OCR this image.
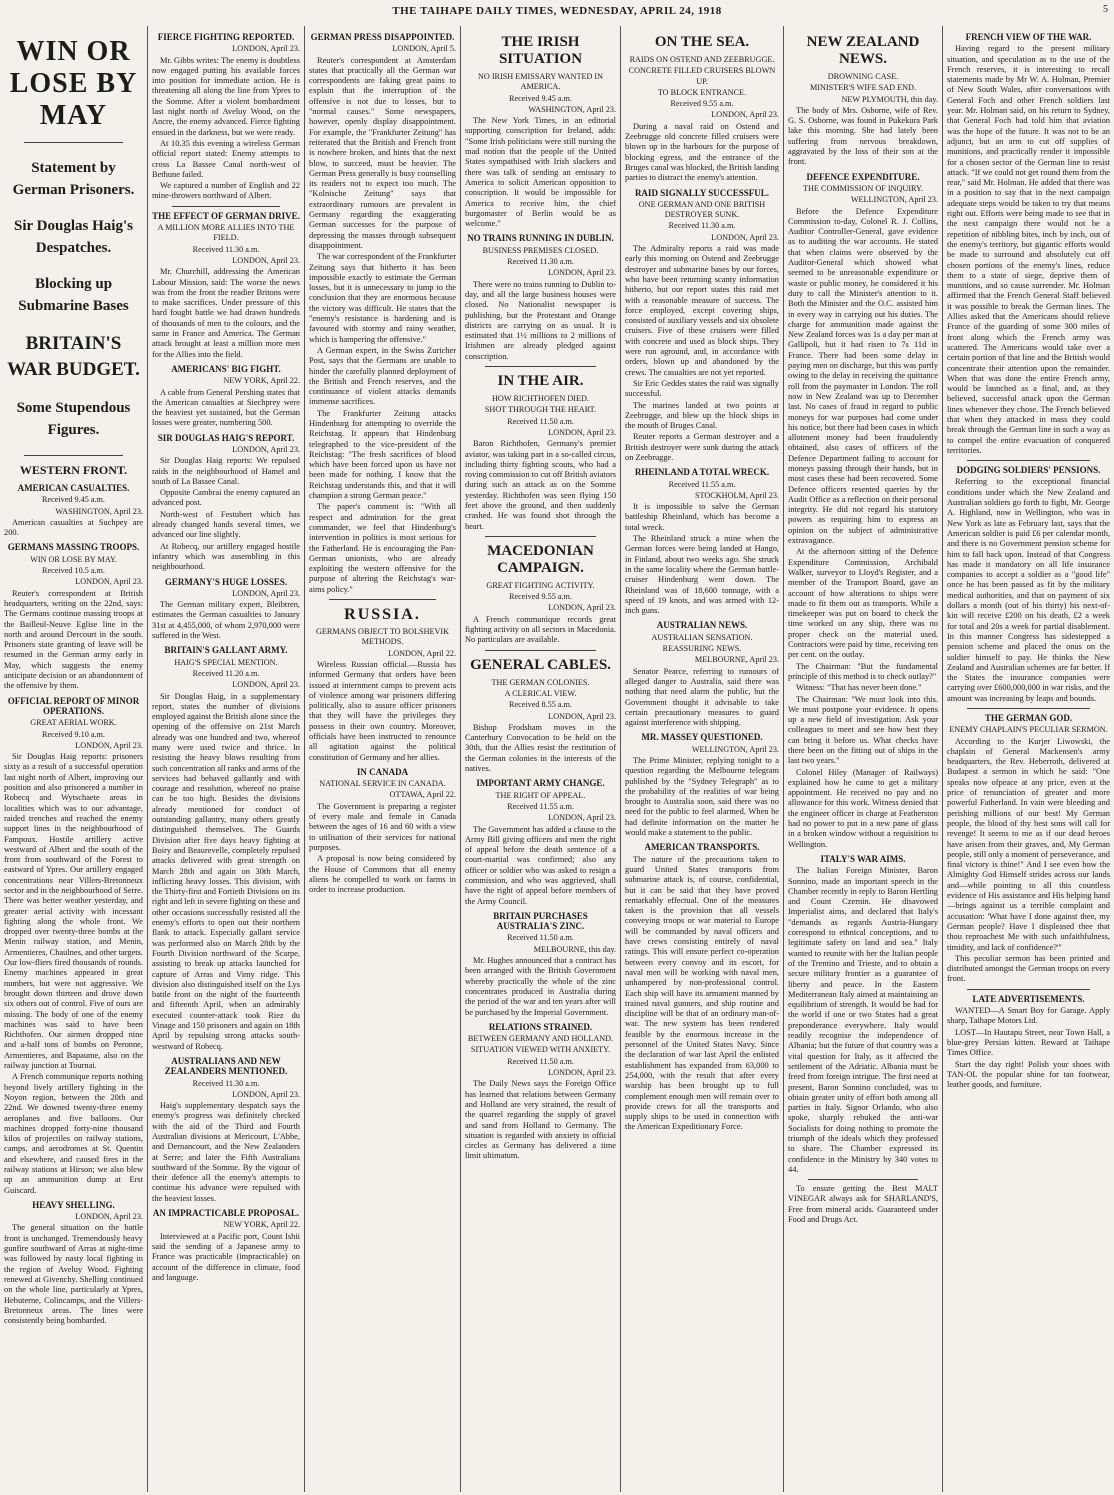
THE TAIHAPE DAILY TIMES, WEDNESDAY, APRIL 24, 1918	5
WIN OR LOSE BY MAY
Statement by German Prisoners.
Sir Douglas Haig's Despatches.
Blocking up Submarine Bases
BRITAIN'S WAR BUDGET.
Some Stupendous Figures.
WESTERN FRONT.
AMERICAN CASUALTIES.
Received 9.45 a.m.
WASHINGTON, April 23.

American casualties at Suchpey are 200.

GERMANS MASSING TROOPS.
WIN OR LOSE BY MAY.
Received 10.5 a.m.
LONDON, April 23.

Reuter's correspondent at British headquarters, writing on the 22nd, says: The Germans continue massing troops at the Bailleul-Neuve Eglise line in the north and around Dercourt in the south. Prisoners state granting of leave will be resumed in the German army early in May, which suggests the enemy anticipate decision or an abandonment of the offensive by them.

OFFICIAL REPORT OF MINOR OPERATIONS.
GREAT AERIAL WORK.
Received 9.10 a.m.
LONDON, April 23.

Sir Douglas Haig reports: prisoners sixty as a result of a successful operation last night north of Albert, improving our position and also prisonered a number in Robecq and Wytschaete areas in localities which was to our advantage, raided trenches and reached the enemy support lines in the neighbourhood of Fampoux. Hostile artillery active westward of Albert and the south of the front from southward of the Forest to eastward of Ypres. Our artillery engaged concentrations near Villers-Bretonneux sector and in the neighbourhood of Serre. There was better weather yesterday, and greater aerial activity with incessant fighting along the whole front. We dropped over twenty-three bombs at the Menin railway station, and Menin, Armentieres, Chaulnes, and other targets. Our low-fliers fired thousands of rounds. Enemy machines appeared in great numbers, but were not aggressive. We brought down thirteen and drove down six others out of control. Five of ours are missing. The body of one of the enemy machines was said to have been Richthofen. Our airmen dropped nine and a-half tons of bombs on Peronne, Armentieres, and Bapaume, also on the railway junction at Tournai.

A French communique reports nothing beyond lively artillery fighting in the Noyon region, between the 20th and 22nd. We downed twenty-three enemy aeroplanes and five balloons. Our machines dropped forty-nine thousand kilos of projectiles on railway stations, camps, and aerodromes at St. Quentin and elsewhere, and caused fires in the railway stations at Hirson; we also blew up an ammunition dump at Erst Guiscard.

HEAVY SHELLING.
LONDON, April 23.

The general situation on the battle front is unchanged. Tremendously heavy gunfire southward of Arras at night-time was followed by nasty local fighting in the region of Aveluy Wood. Fighting renewed at Givenchy. Shelling continued on the whole line, particularly at Ypres, Hebuterne, Colincamps, and the Villers-Bretonneux areas. The lines were consistently being bombarded.

FIERCE FIGHTING REPORTED.
LONDON, April 23.

Mr. Gibbs writes: The enemy is doubtless now engaged putting his available forces into position for immediate action. He is threatening all along the line from Ypres to the Somme. After a violent bombardment last night north of Aveluy Wood, on the Ancre, the enemy advanced. Fierce fighting ensued in the darkness, but we were ready.

At 10.35 this evening a wireless German official report stated: Enemy attempts to cross La Bassee Canal north-west of Bethune failed.

We captured a number of English and 22 mine-throwers northward of Albert.

THE EFFECT OF GERMAN DRIVE.
A MILLION MORE ALLIES INTO THE FIELD.
Received 11.30 a.m.
LONDON, April 23.

Mr. Churchill, addressing the American Labour Mission, said: The worse the news was from the front the readier Britons were to make sacrifices. Under pressure of this hard fought battle we had drawn hundreds of thousands of men to the colours, and the same in France and America. The German attack brought at least a million more men for the Allies into the field.

AMERICANS' BIG FIGHT.
NEW YORK, April 22.

A cable from General Pershing states that the American casualties at Siechprey were the heaviest yet sustained, but the German losses were greater, numbering 500.

SIR DOUGLAS HAIG'S REPORT.
LONDON, April 23.

Sir Douglas Haig reports: We repulsed raids in the neighbourhood of Hamel and south of La Bassee Canal.

Opposite Cambrai the enemy captured an advanced post.

North-west of Festubert which has already changed hands several times, we advanced our line slightly.

At Robecq, our artillery engaged hostile infantry which was assembling in this neighbourhood.

GERMANY'S HUGE LOSSES.
LONDON, April 23.

The German military expert, Bleibtren, estimates the German casualties to January 31st at 4,455,000, of whom 2,970,000 were suffered in the West.

BRITAIN'S GALLANT ARMY.
HAIG'S SPECIAL MENTION.
Received 11.20 a.m.
LONDON, April 23.

Sir Douglas Haig, in a supplementary report, states the number of divisions employed against the British alone since the opening of the offensive on 21st March already was one hundred and two, whereof many were used twice and thrice. In resisting the heavy blows resulting from such concentration all ranks and arms of the services had behaved gallantly and with courage and resolution, whereof no praise can be too high. Besides the divisions already mentioned for conduct of outstanding gallantry, many others greatly distinguished themselves. The Guards Division after five days heavy fighting at Boiry and Beaurevelle, completely repulsed attacks delivered with great strength on March 28th and again on 30th March, inflicting heavy losses. This division, with the Thirty-first and Fortieth Divisions on its right and left in severe fighting on these and other occasions successfully resisted all the enemy's efforts to open out their northern flank to attack. Especially gallant service was performed also on March 28th by the Fourth Division northward of the Scarpe, assisting to break up attacks launched for capture of Arras and Vimy ridge. This division also distinguished itself on the Lys battle front on the night of the fourteenth and fifteenth April, when an admirably executed counter-attack took Riez du Vinage and 150 prisoners and again on 18th April by repulsing strong attacks south-westward of Robecq.

AUSTRALIANS AND NEW ZEALANDERS MENTIONED.
Received 11.30 a.m.
LONDON, April 23.

Haig's supplementary despatch says the enemy's progress was definitely checked with the aid of the Third and Fourth Australian divisions at Mericourt, L'Abbe, and Dernancourt, and the New Zealanders at Serre; and later the Fifth Australians southward of the Somme. By the vigour of their defence all the enemy's attempts to continue his advance were repulsed with the heaviest losses.

AN IMPRACTICABLE PROPOSAL.
NEW YORK, April 22.

Interviewed at a Pacific port, Count Ishii said the sending of a Japanese army to France was practicable (impracticable) on account of the difference in climate, food and language.

GERMAN PRESS DISAPPOINTED.
LONDON, April 5.

Reuter's correspondent at Amsterdam states that practically all the German war correspondents are faking great pains to explain that the interruption of the offensive is not due to losses, but to "normal causes." Some newspapers, however, openly display disappointment. For example, the "Frankfurter Zeitung" has reiterated that the British and French front is nowhere broken, and hints that the next blow, to succeed, must be heavier. The German Press generally is busy counselling its readers not to expect too much. The "Kolnische Zeitung" says that extraordinary rumours are prevalent in Germany regarding the exaggerating German successes for the purpose of depressing the masses through subsequent disappointment.

The war correspondent of the Frankfurter Zeitung says that hitherto it has been impossible exactly to estimate the German losses, but it is unnecessary to jump to the conclusion that they are enormous because the victory was difficult. He states that the "enemy's resistance is hardening and is favoured with stormy and rainy weather, which is hampering the offensive."

A German expert, in the Swiss Zuricher Post, says that the Germans are unable to hinder the carefully planned deployment of the British and French reserves, and the continuance of violent attacks demands immense sacrifices.

The Frankfurter Zeitung attacks Hindenburg for attempting to override the Reichstag. It appears that Hindenburg telegraphed to the vice-president of the Reichstag: "The fresh sacrifices of blood which have been forced upon us have not been made for nothing. I know that the Reichstag understands this, and that it will champion a strong German peace."

The paper's comment is: "With all respect and admiration for the great commander, we feel that Hindenburg's intervention in politics is most serious for the Fatherland. He is encouraging the Pan-German unionists, who are already exploiting the western offensive for the purpose of altering the Reichstag's war-aims policy."

RUSSIA.
GERMANS OBJECT TO BOLSHEVIK METHODS.
LONDON, April 22.

Wireless Russian official.—Russia has informed Germany that orders have been issued at internment camps to prevent acts of violence among war prisoners differing politically, also to assure officer prisoners that they will have the privileges they possess in their own country. Moreover, officials have been instructed to renounce all agitation against the political constitution of Germany and her allies.

IN CANADA
NATIONAL SERVICE IN CANADA.
OTTAWA, April 22.

The Government is preparing a register of every male and female in Canada between the ages of 16 and 60 with a view to utilisation of their services for national purposes.

A proposal is now being considered by the House of Commons that all enemy aliens be compelled to work on farms in order to increase production.

THE IRISH SITUATION
NO IRISH EMISSARY WANTED IN AMERICA.
Received 9.45 a.m.
WASHINGTON, April 23.

The New York Times, in an editorial supporting conscription for Ireland, adds: "Some Irish politicians were still nursing the mad notion that the people of the United States sympathised with Irish slackers and there was talk of sending an emissary to America to solicit American opposition to conscription. It would be impossible for America to receive him, the chief burgomaster of Berlin would be as welcome."

NO TRAINS RUNNING IN DUBLIN.
BUSINESS PREMISES CLOSED.
Received 11.30 a.m.
LONDON, April 23.

There were no trains running to Dublin to-day, and all the large business houses were closed. No Nationalist newspaper is publishing, but the Protestant and Orange districts are carrying on as usual. It is estimated that 1½ millions to 2 millions of Irishmen are already pledged against conscription.

IN THE AIR.
HOW RICHTHOFEN DIED.
SHOT THROUGH THE HEART.
Received 11.50 a.m.
LONDON, April 23.

Baron Richthofen, Germany's premier aviator, was taking part in a so-called circus, including thirty fighting scouts, who had a roving commission to cut off British aviators during such an attack as on the Somme yesterday. Richthofen was seen flying 150 feet above the ground, and then suddenly crashed. He was found shot through the heart.

MACEDONIAN CAMPAIGN.
GREAT FIGHTING ACTIVITY.
Received 9.55 a.m.
LONDON, April 23.

A French communique records great fighting activity on all sectors in Macedonia. No particulars are available.

GENERAL CABLES.
THE GERMAN COLONIES.
A CLERICAL VIEW.
Received 8.55 a.m.
LONDON, April 23.

Bishop Frodsham moves in the Canterbury Convocation to be held on the 30th, that the Allies resist the restitution of the German colonies in the interests of the natives.

IMPORTANT ARMY CHANGE.
THE RIGHT OF APPEAL.
Received 11.55 a.m.
LONDON, April 23.

The Government has added a clause to the Army Bill giving officers and men the right of appeal before the death sentence of a court-martial was confirmed; also any officer or soldier who was asked to resign a commission, and who was aggrieved, shall have the right of appeal before members of the Army Council.

BRITAIN PURCHASES AUSTRALIA'S ZINC.
Received 11.50 a.m.
MELBOURNE, this day.

Mr. Hughes announced that a contract has been arranged with the British Government whereby practically the whole of the zinc concentrates produced in Australia during the period of the war and ten years after will be purchased by the Imperial Government.

RELATIONS STRAINED.
BETWEEN GERMANY AND HOLLAND.
SITUATION VIEWED WITH ANXIETY.
Received 11.50 a.m.
LONDON, April 23.

The Daily News says the Foreign Office has learned that relations between Germany and Holland are very strained, the result of the quarrel regarding the supply of gravel and sand from Holland to Germany. The situation is regarded with anxiety in official circles as Germany has delivered a time limit ultimatum.

ON THE SEA.
RAIDS ON OSTEND AND ZEEBRUGGE.
CONCRETE FILLED CRUISERS BLOWN UP.
TO BLOCK ENTRANCE.
Received 9.55 a.m.
LONDON, April 23.

During a naval raid on Ostend and Zeebrugge old concrete filled cruisers were blown up in the harbours for the purpose of blocking egress, and the entrance of the Bruges canal was blocked, the British landing parties to distract the enemy's attention.

RAID SIGNALLY SUCCESSFUL.
ONE GERMAN AND ONE BRITISH DESTROYER SUNK.
Received 11.30 a.m.
LONDON, April 23.

The Admiralty reports a raid was made early this morning on Ostend and Zeebrugge destroyer and submarine bases by our forces, who have been returning scanty information hitherto, but our report states this raid met with a reasonable measure of success. The force employed, except covering ships, consisted of auxiliary vessels and six obsolete cruisers. Five of these cruisers were filled with concrete and used as block ships. They were run aground, and, in accordance with orders, blown up and abandoned by the crews. The casualties are not yet reported.

Sir Eric Geddes states the raid was signally successful.

The marines landed at two points at Zeebrugge, and blew up the block ships in the mouth of Bruges Canal.

Reuter reports a German destroyer and a British destroyer were sunk during the attack on Zeebrugge.

RHEINLAND A TOTAL WRECK.
Received 11.55 a.m.
STOCKHOLM, April 23.

It is impossible to salve the German battleship Rheinland, which has become a total wreck.

The Rheinland struck a mine when the German forces were being landed at Hango, in Finland, about two weeks ago. She struck in the same locality where the German battle-cruiser Hindenburg went down. The Rheinland was of 18,600 tonnage, with a speed of 19 knots, and was armed with 12-inch guns.

AUSTRALIAN NEWS.
AUSTRALIAN SENSATION.
REASSURING NEWS.
MELBOURNE, April 23.

Senator Pearce, referring to rumours of alleged danger to Australia, said there was nothing that need alarm the public, but the Government thought it advisable to take certain precautionary measures to guard against interference with shipping.

MR. MASSEY QUESTIONED.
WELLINGTON, April 23.

The Prime Minister, replying tonight to a question regarding the Melbourne telegram published by the "Sydney Telegraph" as to the probability of the realities of war being brought to Australia soon, said there was no need for the public to feel alarmed. When he had definite information on the matter he would make a statement to the public.

AMERICAN TRANSPORTS.

The nature of the precautions taken to guard United States transports from submarine attack is, of course, confidential, but it can be said that they have proved remarkably effectual. One of the measures taken is the provision that all vessels conveying troops or war material to Europe will be commanded by naval officers and have crews consisting entirely of naval ratings. This will ensure perfect co-operation between every convoy and its escort, for naval men will be working with naval men, unhampered by non-professional control. Each ship will have its armament manned by trained naval gunners, and ship routine and discipline will be that of an ordinary man-of-war. The new system has been rendered feasible by the enormous increase in the personnel of the United States Navy. Since the declaration of war last April the enlisted establishment has expanded from 63,000 to 254,000, with the result that after every warship has been brought up to full complement enough men will remain over to provide crews for all the transports and supply ships to be used in connection with the American Expeditionary Force.

NEW ZEALAND NEWS.
DROWNING CASE.
MINISTER'S WIFE SAD END.
NEW PLYMOUTH, this day.

The body of Mrs. Osborne, wife of Rev. G. S. Osborne, was found in Pukekura Park lake this morning. She had lately been suffering from nervous breakdown, aggravated by the loss of their son at the front.

DEFENCE EXPENDITURE.
THE COMMISSION OF INQUIRY.
WELLINGTON, April 23.

Before the Defence Expenditure Commission to-day, Colonel R. J. Collins, Auditor Controller-General, gave evidence as to auditing the war accounts. He stated that when claims were observed by the Auditor-General which showed what seemed to be unreasonable expenditure or waste or public money, he considered it his duty to call the Minister's attention to it. Both the Minister and the O.C. assisted him in every way in carrying out his duties. The charge for ammunition made against the New Zealand forces was 1s a day per man at Gallipoli, but it had risen to 7s 11d in France. There had been some delay in paying men on discharge, but this was partly owing to the delay in receiving the quittance roll from the paymaster in London. The roll now in New Zealand was up to December last. No cases of fraud in regard to public moneys for war purposes had come under his notice, but there had been cases in which allotment money had been fraudulently obtained, also cases of officers of the Defence Department failing to account for moneys passing through their hands, but in most cases these had been recovered. Some Defence officers resented queries by the Audit Office as a reflection on their personal integrity. He did not regard his statutory powers as requiring him to express an opinion on the subject of administrative extravagance.

At the afternoon sitting of the Defence Expenditure Commission, Archibald Walker, surveyor to Lloyd's Register, and a member of the Transport Board, gave an account of how alterations to ships were made to fit them out as transports. While a timekeeper was put on board to check the time worked on any ship, there was no proper check on the material used. Contractors were paid by time, receiving ten per cent. on the outlay.

The Chairman: "But the fundamental principle of this method is to check outlay?"

Witness: "That has never been done."

The Chairman: "We must look into this. We must postpone your evidence. It opens up a new field of investigation. Ask your colleagues to meet and see how best they can bring it before us. What checks have there been on the fitting out of ships in the last two years."

Colonel Hiley (Manager of Railways) explained how he came to get a military appointment. He received no pay and no allowance for this work. Witness denied that the engineer officer in charge at Featherston had no power to put in a new pane of glass in a broken window without a requisition to Wellington.

ITALY'S WAR AIMS.

The Italian Foreign Minister, Baron Sonnino, made an important speech in the Chamber recently in reply to Baron Hertling and Count Czernin. He disavowed Imperialist aims, and declared that Italy's "demands as regards Austria-Hungary correspond to ethnical conceptions, and to legitimate safety on land and sea." Italy wanted to reunite with her the Italian people of the Trentino and Trieste, and to obtain a secure military frontier as a guarantee of liberty and peace. In the Eastern Mediterranean Italy aimed at maintaining an equilibrium of strength. It would be bad for the world if one or two States had a great preponderance everywhere. Italy would readily recognise the independence of Albania; but the future of that country was a vital question for Italy, as it affected the settlement of the Adriatic. Albania must be freed from foreign intrigue. The first need at present, Baron Sonnino concluded, was to obtain greater unity of effort both among all parties in Italy. Signor Orlando, who also spoke, sharply rebuked the anti-war Socialists for doing nothing to promote the triumph of the ideals which they professed to share. The Chamber expressed its confidence in the Ministry by 340 votes to 44.

To ensure getting the Best MALT VINEGAR always ask for SHARLAND'S, Free from mineral acids. Guaranteed under Food and Drugs Act.

FRENCH VIEW OF THE WAR.

Having regard to the present military situation, and speculation as to the use of the French reserves, it is interesting to recall statements made by Mr W. A. Holman, Premier of New South Wales, after conversations with General Foch and other French soldiers last year. Mr. Holman said, on his return to Sydney, that General Foch had told him that aviation was the hope of the future. It was not to be an adjunct, but an arm to cut off supplies of munitions, and practically render it impossible for a chosen sector of the German line to resist attack. "If we could not get round them from the rear," said Mr. Holman. He added that there was in a position to say that in the next campaign adequate steps would be taken to try that means right out. Efforts were being made to see that in the next campaign there would not be a repetition of nibbling bites, inch by inch, out of the enemy's territory, but gigantic efforts would be made to surround and absolutely cut off chosen portions of the enemy's lines, reduce them to a state of siege, deprive them of munitions, and so cause surrender. Mr. Holman affirmed that the French General Staff believed it was possible to break the German lines. The Allies asked that the Americans should relieve France of the guarding of some 300 miles of front along which the French army was scattered. The Americans would take over a certain portion of that line and the British would concentrate their attention upon the remainder. When that was done the entire French army, would be launched as a final, and, as they believed, successful attack upon the German lines whenever they chose. The French believed that when they attacked in mass they could break through the German line in such a way as to compel the entire evacuation of conquered territories.

DODGING SOLDIERS' PENSIONS.

Referring to the exceptional financial conditions under which the New Zealand and Australian soldiers go forth to fight, Mr. George A. Highland, now in Wellington, who was in New York as late as February last, says that the American soldier is paid £6 per calendar month, and there is no Government pension scheme for him to fall back upon. Instead of that Congress has made it mandatory on all life insurance companies to accept a soldier as a "good life" once he has been passed as fit by the military medical authorities, and that on payment of six dollars a month (out of his thirty) his next-of-kin will receive £200 on his death, £2 a week for total and 20s a week for partial disablement. In this manner Congress has sidestepped a pension scheme and placed the onus on the soldier himself to pay. He thinks the New Zealand and Australian schemes are far better. If the States the insurance companies were carrying over £600,000,000 in war risks, and the amount was increasing by leaps and bounds.

THE GERMAN GOD.
ENEMY CHAPLAIN'S PECULIAR SERMON.

According to the Kurjer Liwowski, the chaplain of General Mackensen's army headquarters, the Rev. Heberroth, delivered at Budapest a sermon in which he said: "One speaks now ofpeace at any price, even at the price of renunciation of greater and more powerful Fatherland. In vain were bleeding and perishing millions of our best! My German people, the blood of thy best sons will call for revenge! It seems to me as if our dead heroes have arisen from their graves, and, My German people, still only a moment of perseverance, and final victory is thine!" And I see even how the Almighty God Himself strides across our lands and—while pointing to all this countless evidence of His assistance and His helping hand—brings against us a terrible complaint and accusation: 'What have I done against thee, my German people? Have I displeased thee that thou reproachest Me with such unfaithfulness, timidity, and lack of confidence?'"

This peculiar sermon has been printed and distributed amongst the German troops on every front.

LATE ADVERTISEMENTS.

WANTED—A Smart Boy for Garage. Apply sharp, Taihape Motors Ltd.

LOST—In Hautapu Street, near Town Hall, a blue-grey Persian kitten. Reward at Taihape Times Office.

Start the day right! Polish your shoes with TAN-OL the popular shine for tan footwear, leather goods, and furniture.
